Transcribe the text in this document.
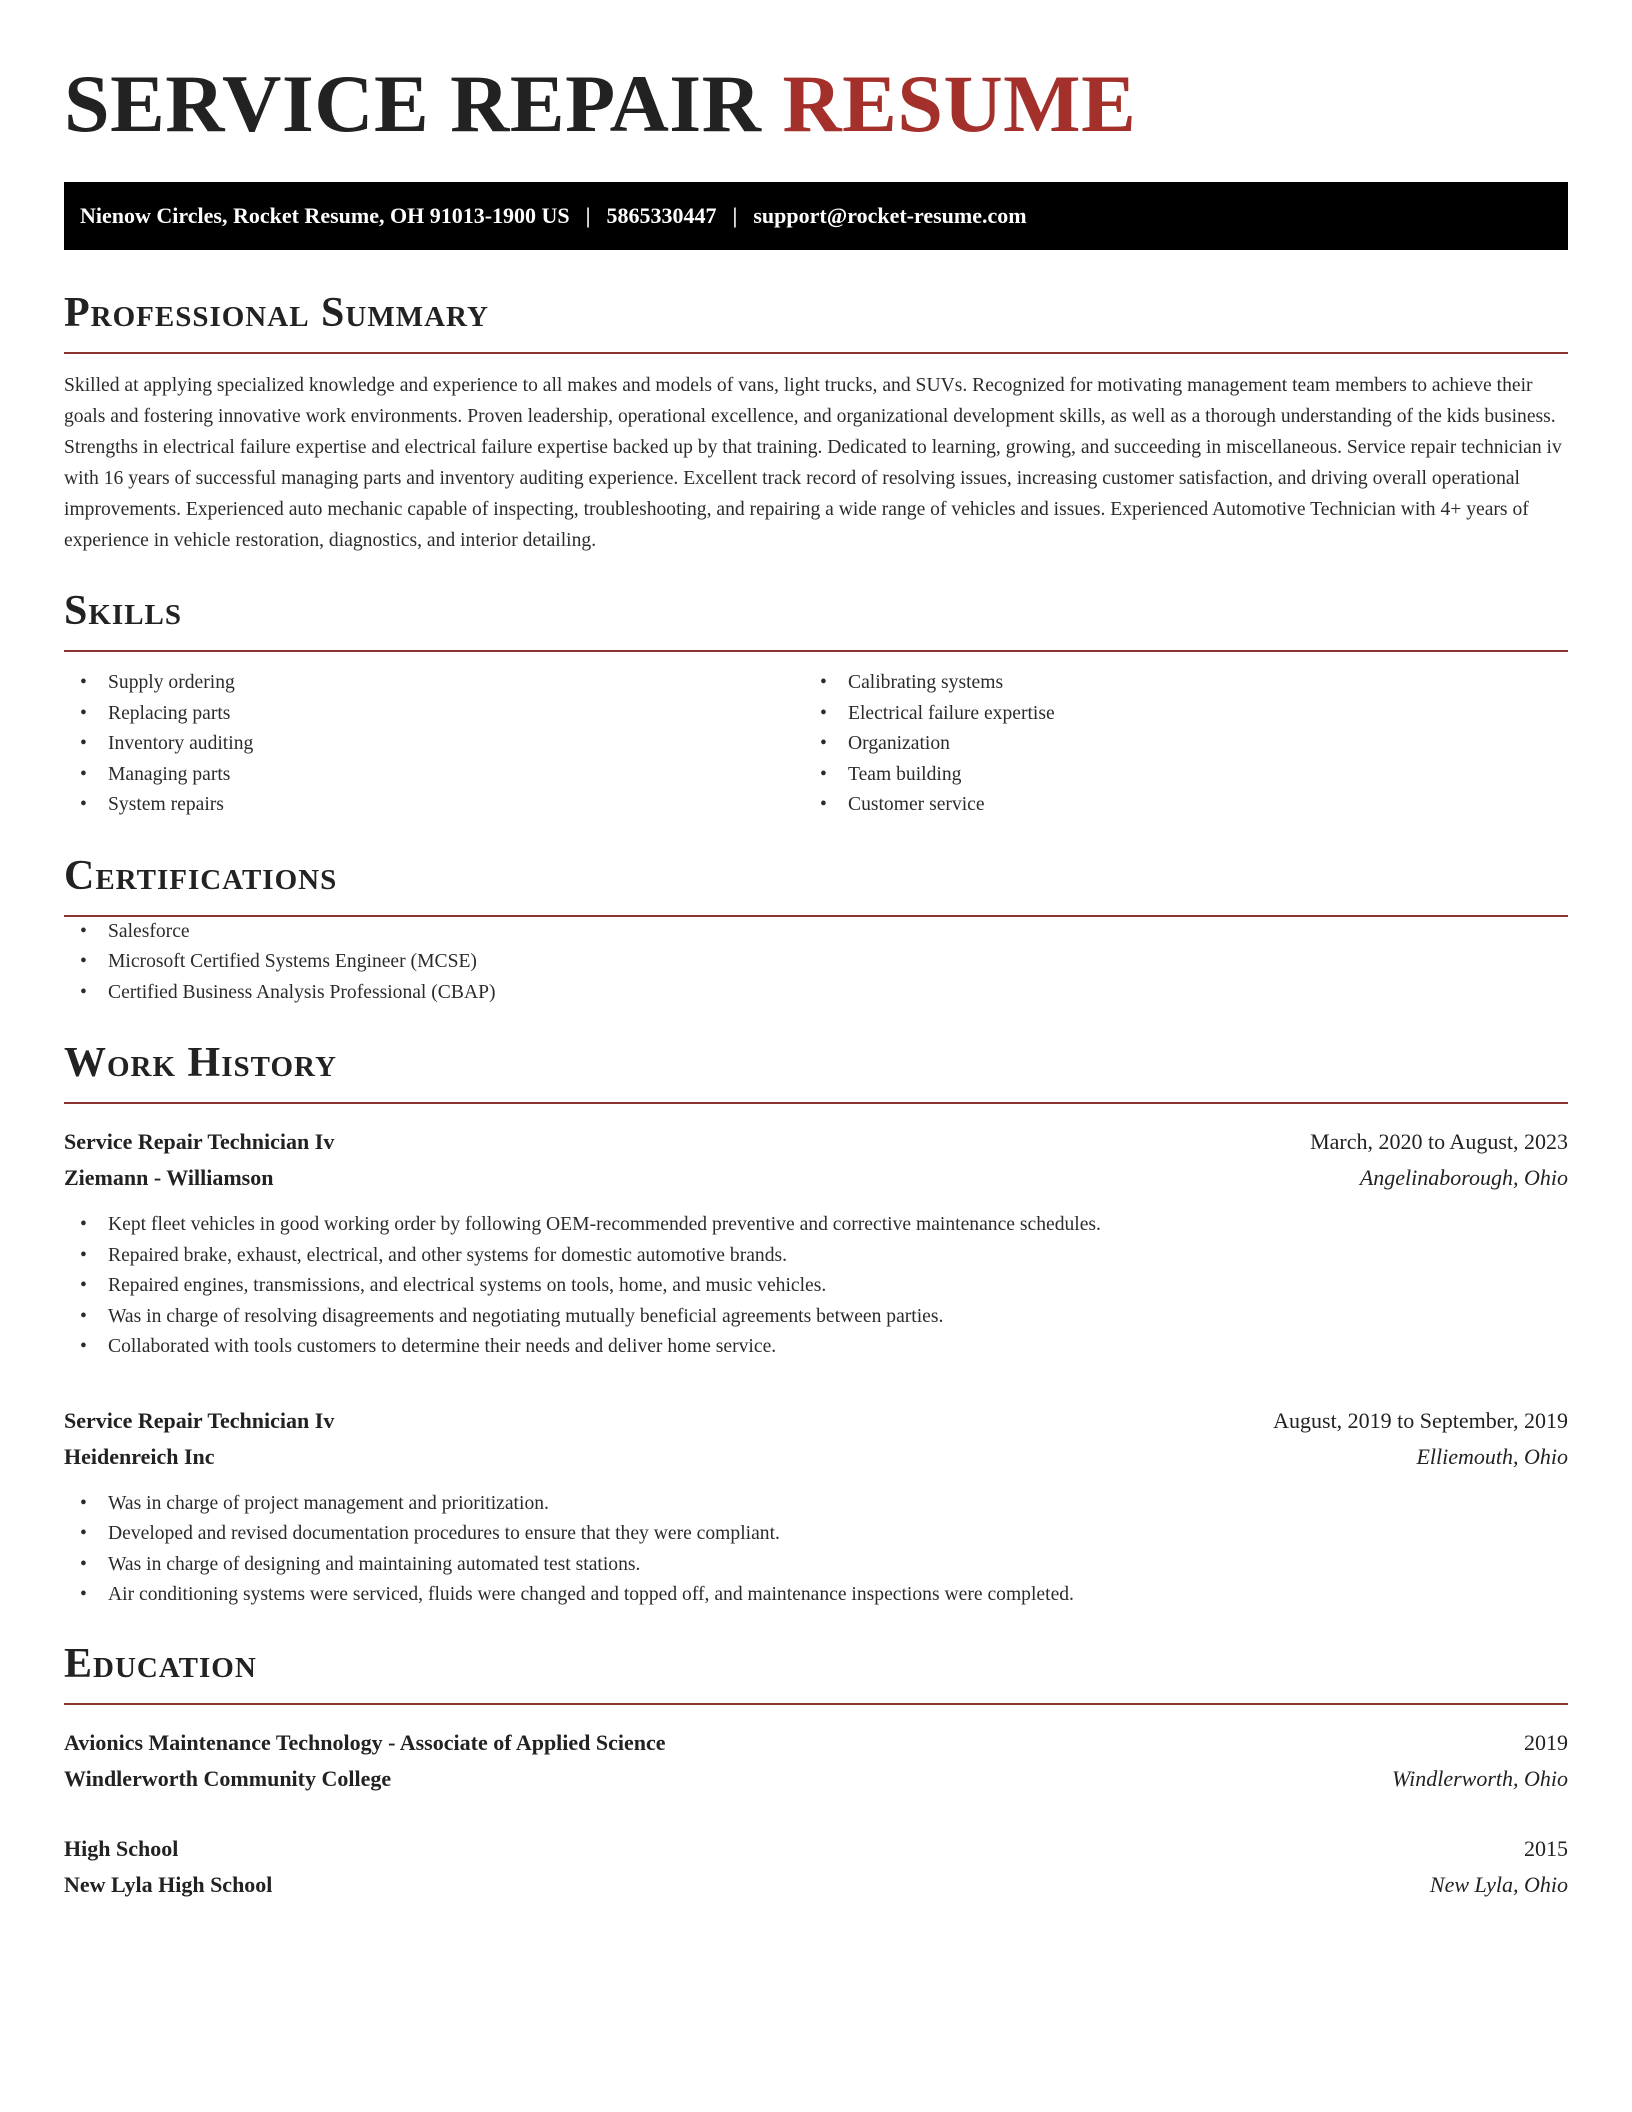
SERVICE REPAIR RESUME
Nienow Circles, Rocket Resume, OH 91013-1900 US | 5865330447 | support@rocket-resume.com
Professional Summary

Skilled at applying specialized knowledge and experience to all makes and models of vans, light trucks, and SUVs. Recognized for motivating management team members to achieve their goals and fostering innovative work environments. Proven leadership, operational excellence, and organizational development skills, as well as a thorough understanding of the kids business. Strengths in electrical failure expertise and electrical failure expertise backed up by that training. Dedicated to learning, growing, and succeeding in miscellaneous. Service repair technician iv with 16 years of successful managing parts and inventory auditing experience. Excellent track record of resolving issues, increasing customer satisfaction, and driving overall operational improvements. Experienced auto mechanic capable of inspecting, troubleshooting, and repairing a wide range of vehicles and issues. Experienced Automotive Technician with 4+ years of experience in vehicle restoration, diagnostics, and interior detailing.

Skills
• Supply ordering
• Replacing parts
• Inventory auditing
• Managing parts
• System repairs
• Calibrating systems
• Electrical failure expertise
• Organization
• Team building
• Customer service
Certifications
• Salesforce
• Microsoft Certified Systems Engineer (MCSE)
• Certified Business Analysis Professional (CBAP)
Work History
Service Repair Technician Iv	March, 2020 to August, 2023
Ziemann - Williamson	Angelinaborough, Ohio
• Kept fleet vehicles in good working order by following OEM-recommended preventive and corrective maintenance schedules.
• Repaired brake, exhaust, electrical, and other systems for domestic automotive brands.
• Repaired engines, transmissions, and electrical systems on tools, home, and music vehicles.
• Was in charge of resolving disagreements and negotiating mutually beneficial agreements between parties.
• Collaborated with tools customers to determine their needs and deliver home service.
Service Repair Technician Iv	August, 2019 to September, 2019
Heidenreich Inc	Elliemouth, Ohio
• Was in charge of project management and prioritization.
• Developed and revised documentation procedures to ensure that they were compliant.
• Was in charge of designing and maintaining automated test stations.
• Air conditioning systems were serviced, fluids were changed and topped off, and maintenance inspections were completed.
Education
Avionics Maintenance Technology - Associate of Applied Science	2019
Windlerworth Community College	Windlerworth, Ohio
High School	2015
New Lyla High School	New Lyla, Ohio
